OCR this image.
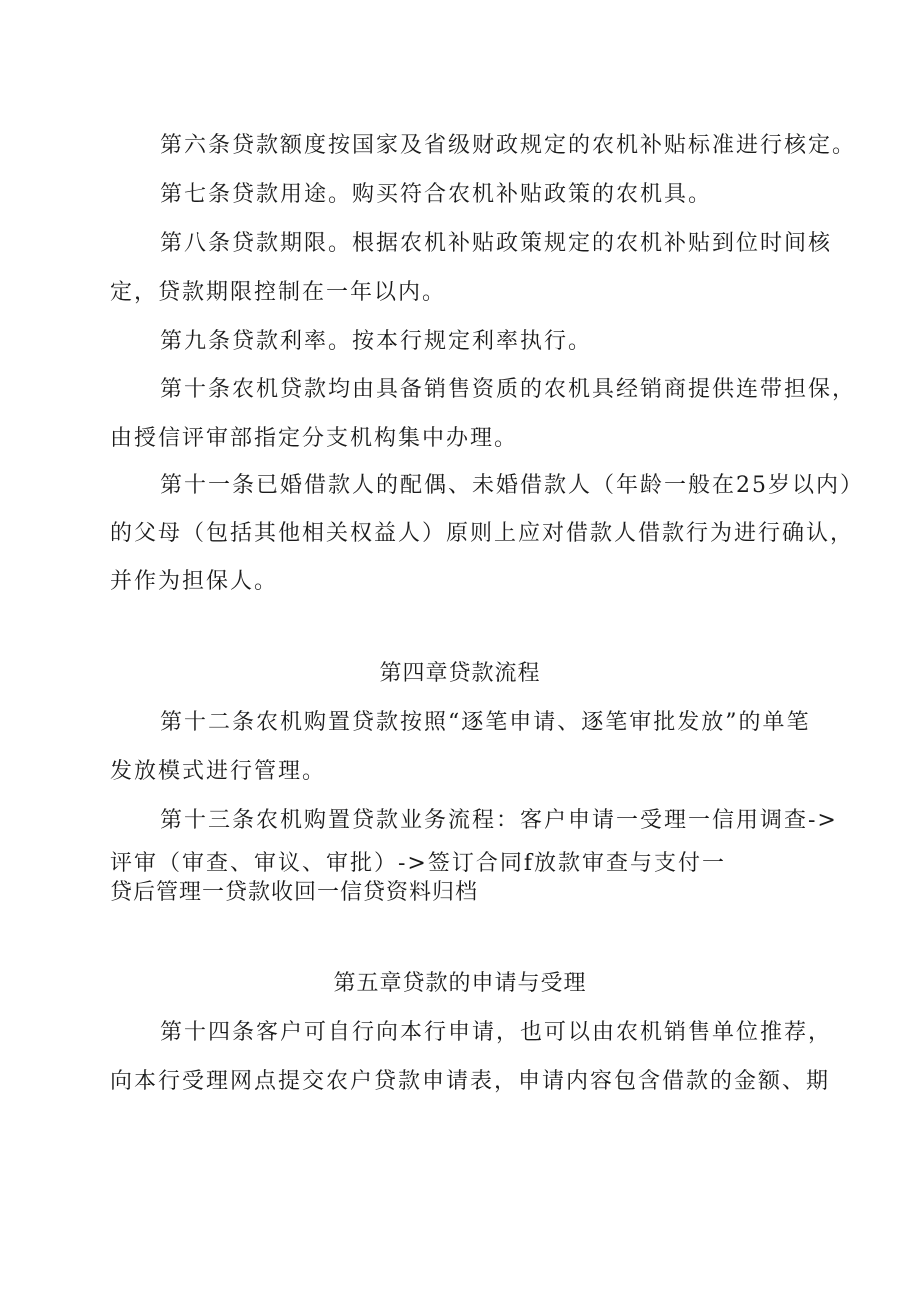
第六条贷款额度按国家及省级财政规定的农机补贴标准进行核定。
第七条贷款用途。购买符合农机补贴政策的农机具。
第八条贷款期限。根据农机补贴政策规定的农机补贴到位时间核
定，贷款期限控制在一年以内。
第九条贷款利率。按本行规定利率执行。
第十条农机贷款均由具备销售资质的农机具经销商提供连带担保，
由授信评审部指定分支机构集中办理。
第十一条已婚借款人的配偶、未婚借款人（年龄一般在25岁以内）
的父母（包括其他相关权益人）原则上应对借款人借款行为进行确认，
并作为担保人。
第四章贷款流程
第十二条农机购置贷款按照“逐笔申请、逐笔审批发放”的单笔
发放模式进行管理。
第十三条农机购置贷款业务流程：客户申请一受理一信用调查->
评审（审查、审议、审批）->签订合同f放款审查与支付一
贷后管理一贷款收回一信贷资料归档
第五章贷款的申请与受理
第十四条客户可自行向本行申请，也可以由农机销售单位推荐，
向本行受理网点提交农户贷款申请表，申请内容包含借款的金额、期
